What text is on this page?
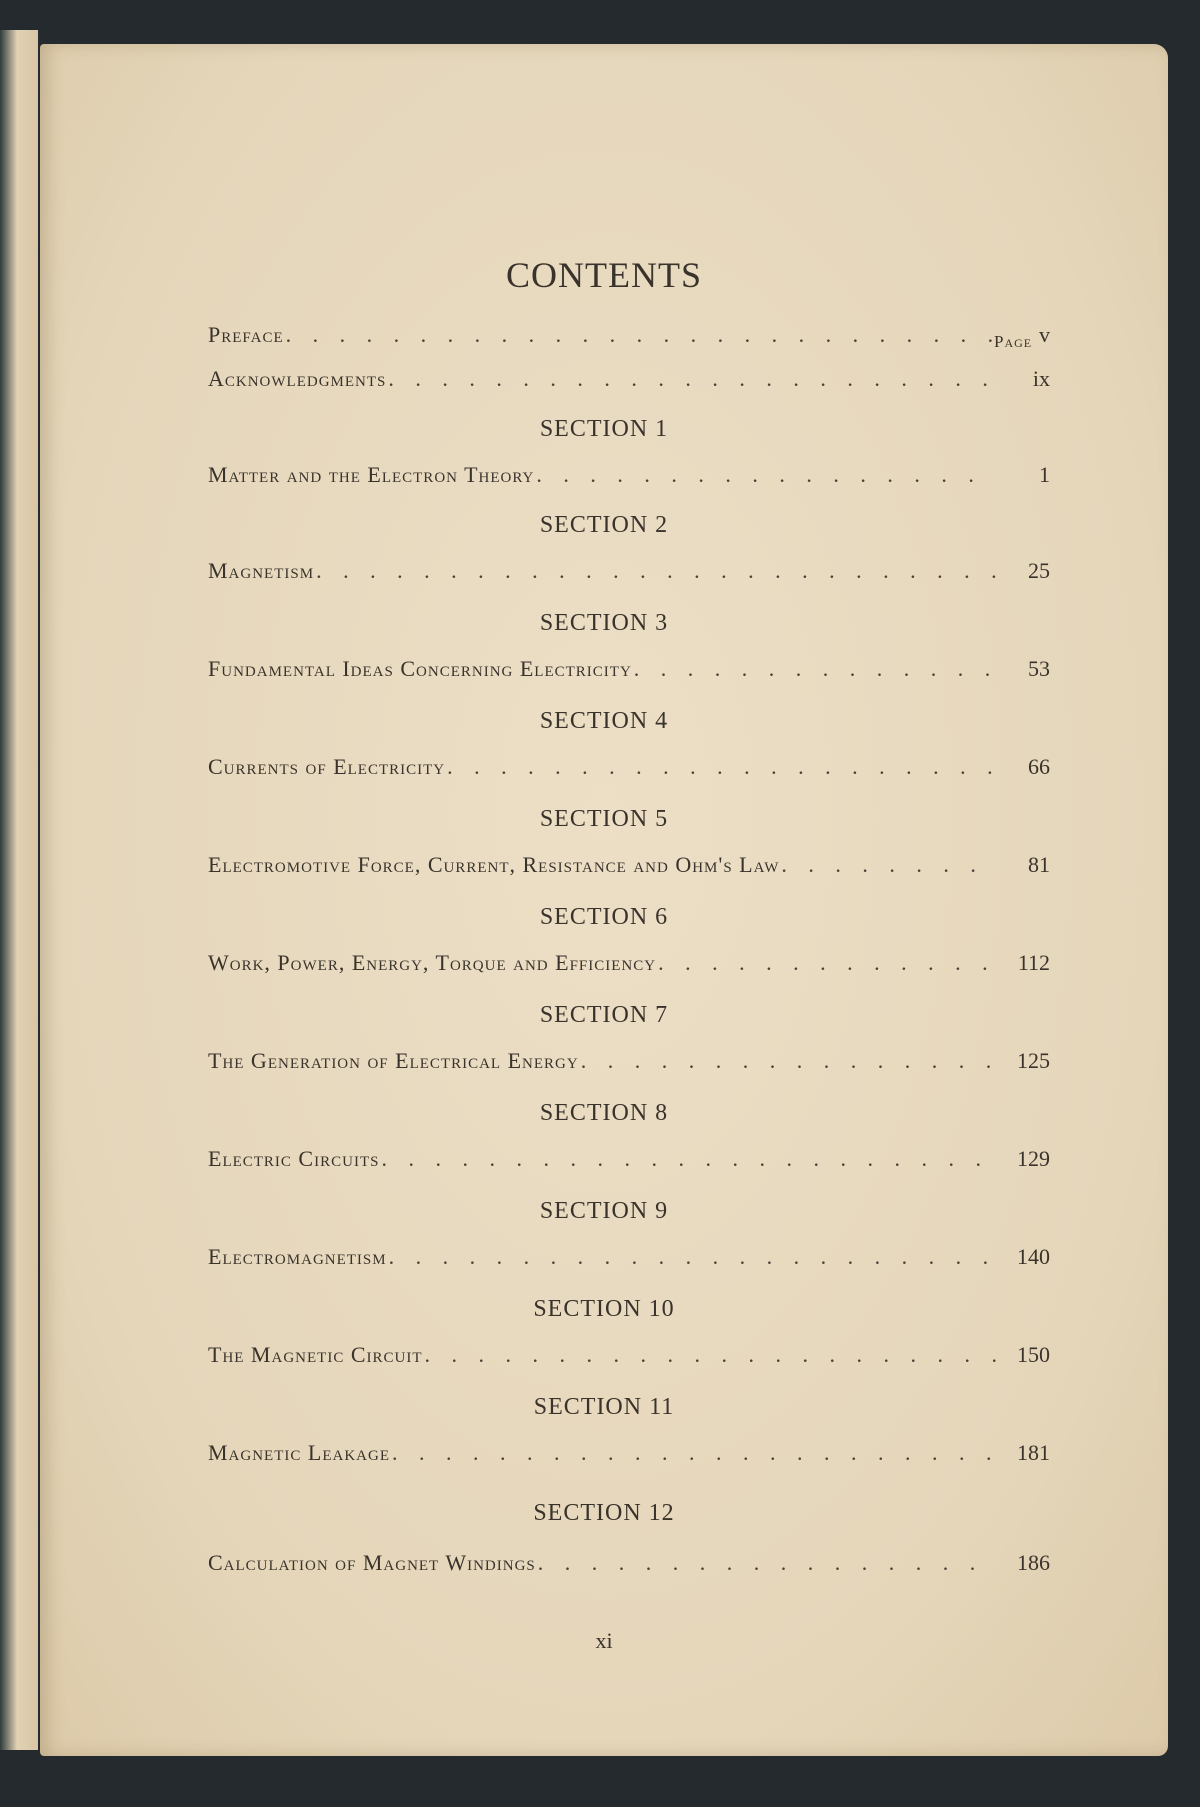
CONTENTS
Page
Preface . . .	v
Acknowledgments . . .	ix
SECTION 1
Matter and the Electron Theory . . .	1
SECTION 2
Magnetism . . .	25
SECTION 3
Fundamental Ideas Concerning Electricity . . .	53
SECTION 4
Currents of Electricity . . .	66
SECTION 5
Electromotive Force, Current, Resistance and Ohm's Law . . .	81
SECTION 6
Work, Power, Energy, Torque and Efficiency . . .	112
SECTION 7
The Generation of Electrical Energy . . .	125
SECTION 8
Electric Circuits . . .	129
SECTION 9
Electromagnetism . . .	140
SECTION 10
The Magnetic Circuit . . .	150
SECTION 11
Magnetic Leakage . . .	181
SECTION 12
Calculation of Magnet Windings . . .	186
xi
